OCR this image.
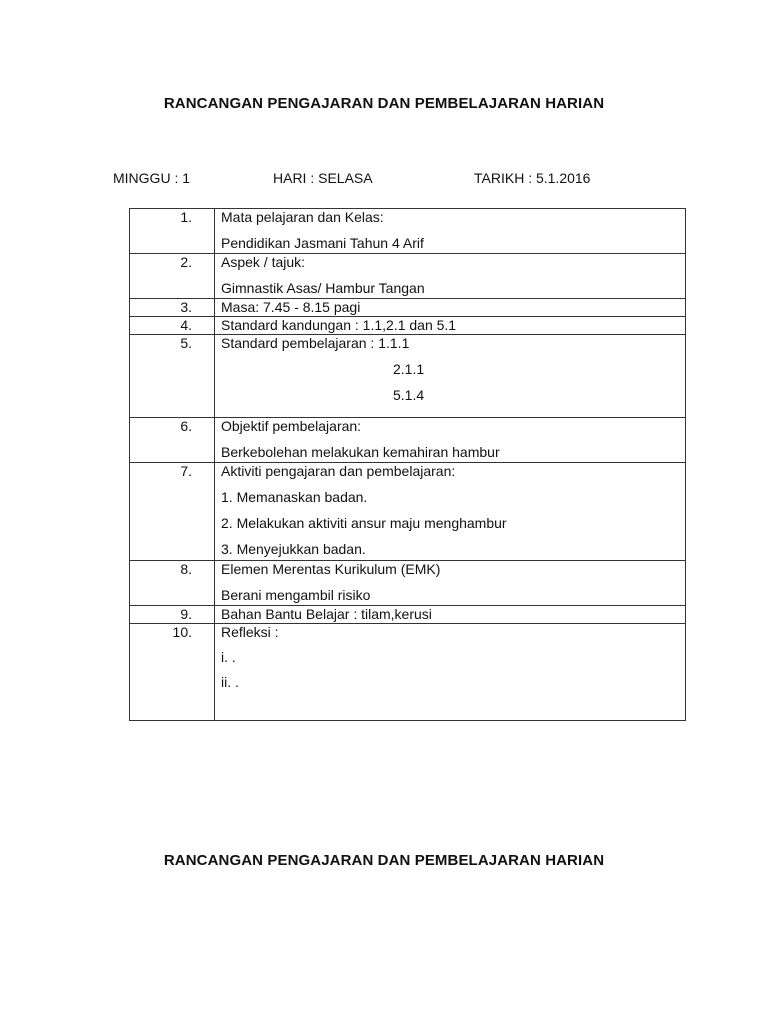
RANCANGAN PENGAJARAN DAN PEMBELAJARAN HARIAN
MINGGU : 1	HARI : SELASA	TARIKH : 5.1.2016
1.	Mata pelajaran dan Kelas:
Pendidikan Jasmani Tahun 4 Arif

2.	Aspek / tajuk:
Gimnastik Asas/ Hambur Tangan

3.	Masa: 7.45 - 8.15 pagi

4.	Standard kandungan : 1.1,2.1 dan 5.1

5.	Standard pembelajaran : 1.1.1
2.1.1
5.1.4

6.	Objektif pembelajaran:
Berkebolehan melakukan kemahiran hambur

7.	Aktiviti pengajaran dan pembelajaran:
1. Memanaskan badan.
2. Melakukan aktiviti ansur maju menghambur
3. Menyejukkan badan.

8.	Elemen Merentas Kurikulum (EMK)
Berani mengambil risiko

9.	Bahan Bantu Belajar : tilam,kerusi

10.	Refleksi :
i. .
ii. .
RANCANGAN PENGAJARAN DAN PEMBELAJARAN HARIAN
